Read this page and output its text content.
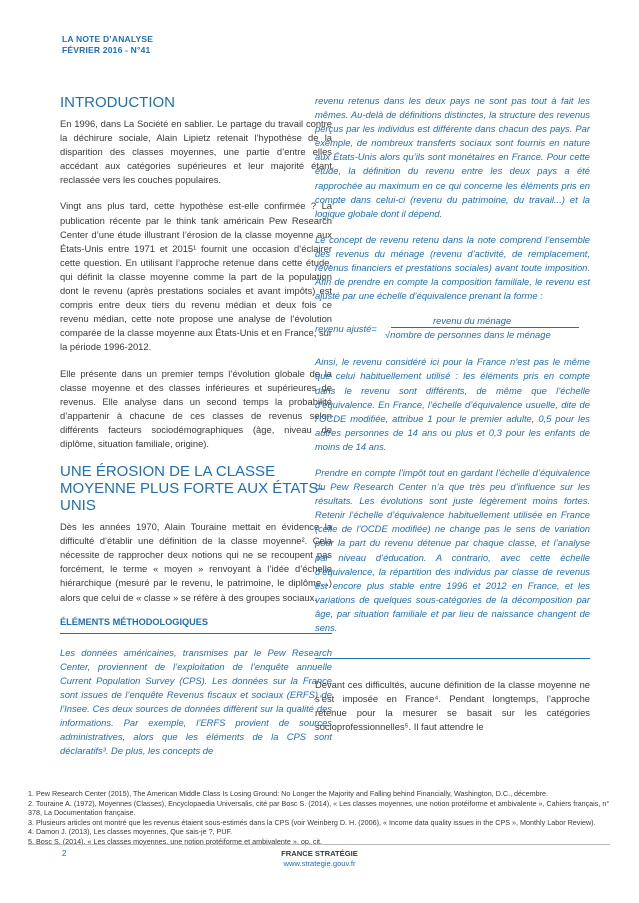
LA NOTE D’ANALYSE
FÉVRIER 2016 - N°41
INTRODUCTION

En 1996, dans La Société en sablier. Le partage du travail contre la déchirure sociale, Alain Lipietz retenait l’hypothèse de la disparition des classes moyennes, une partie d’entre elles accédant aux catégories supérieures et leur majorité étant reclassée vers les couches populaires.

Vingt ans plus tard, cette hypothèse est-elle confirmée ? La publication récente par le think tank américain Pew Research Center d’une étude illustrant l’érosion de la classe moyenne aux États-Unis entre 1971 et 2015¹ fournit une occasion d’éclairer cette question. En utilisant l’approche retenue dans cette étude, qui définit la classe moyenne comme la part de la population dont le revenu (après prestations sociales et avant impôts) est compris entre deux tiers du revenu médian et deux fois ce revenu médian, cette note propose une analyse de l’évolution comparée de la classe moyenne aux États-Unis et en France, sur la période 1996-2012.

Elle présente dans un premier temps l’évolution globale de la classe moyenne et des classes inférieures et supérieures de revenus. Elle analyse dans un second temps la probabilité d’appartenir à chacune de ces classes de revenus selon différents facteurs sociodémographiques (âge, niveau de diplôme, situation familiale, origine).

UNE ÉROSION DE LA CLASSE MOYENNE PLUS FORTE AUX ÉTATS-UNIS

Dès les années 1970, Alain Touraine mettait en évidence la difficulté d’établir une définition de la classe moyenne². Cela nécessite de rapprocher deux notions qui ne se recoupent pas forcément, le terme « moyen » renvoyant à l’idée d’échelle hiérarchique (mesuré par le revenu, le patrimoine, le diplôme...) alors que celui de « classe » se réfère à des groupes sociaux.

ÉLÉMENTS MÉTHODOLOGIQUES

Les données américaines, transmises par le Pew Research Center, proviennent de l’exploitation de l’enquête annuelle Current Population Survey (CPS). Les données sur la France sont issues de l’enquête Revenus fiscaux et sociaux (ERFS) de l’Insee. Ces deux sources de données diffèrent sur la qualité des informations. Par exemple, l’ERFS provient de sources administratives, alors que les éléments de la CPS sont déclaratifs³. De plus, les concepts de

revenu retenus dans les deux pays ne sont pas tout à fait les mêmes. Au-delà de définitions distinctes, la structure des revenus perçus par les individus est différente dans chacun des pays. Par exemple, de nombreux transferts sociaux sont fournis en nature aux États-Unis alors qu’ils sont monétaires en France. Pour cette étude, la définition du revenu entre les deux pays a été rapprochée au maximum en ce qui concerne les éléments pris en compte dans celui-ci (revenu du patrimoine, du travail...) et la logique globale dont il dépend.

Le concept de revenu retenu dans la note comprend l’ensemble des revenus du ménage (revenu d’activité, de remplacement, revenus financiers et prestations sociales) avant toute imposition. Afin de prendre en compte la composition familiale, le revenu est ajusté par une échelle d’équivalence prenant la forme :

revenu ajusté=
revenu du ménage
√nombre de personnes dans le ménage

Ainsi, le revenu considéré ici pour la France n’est pas le même que celui habituellement utilisé : les éléments pris en compte dans le revenu sont différents, de même que l’échelle d’équivalence. En France, l’échelle d’équivalence usuelle, dite de l’OCDE modifiée, attribue 1 pour le premier adulte, 0,5 pour les autres personnes de 14 ans ou plus et 0,3 pour les enfants de moins de 14 ans.

Prendre en compte l’impôt tout en gardant l’échelle d’équivalence du Pew Research Center n’a que très peu d’influence sur les résultats. Les évolutions sont juste légèrement moins fortes. Retenir l’échelle d’équivalence habituellement utilisée en France (celle de l’OCDE modifiée) ne change pas le sens de variation pour la part du revenu détenue par chaque classe, et l’analyse par niveau d’éducation. A contrario, avec cette échelle d’équivalence, la répartition des individus par classe de revenus est encore plus stable entre 1996 et 2012 en France, et les variations de quelques sous-catégories de la décomposition par âge, par situation familiale et par lieu de naissance changent de sens.

Devant ces difficultés, aucune définition de la classe moyenne ne s’est imposée en France⁴. Pendant longtemps, l’approche retenue pour la mesurer se basait sur les catégories socioprofessionnelles⁵. Il faut attendre le

1. Pew Research Center (2015), The American Middle Class Is Losing Ground: No Longer the Majority and Falling behind Financially, Washington, D.C., décembre.
2. Touraine A. (1972), Moyennes (Classes), Encyclopaedia Universalis, cité par Bosc S. (2014), « Les classes moyennes, une notion protéiforme et ambivalente », Cahiers français, n° 378, La Documentation française.
3. Plusieurs articles ont montré que les revenus étaient sous-estimés dans la CPS (voir Weinberg D. H. (2006), « Income data quality issues in the CPS », Monthly Labor Review).
4. Damon J. (2013), Les classes moyennes, Que sais-je ?, PUF.
5. Bosc S. (2014), « Les classes moyennes, une notion protéiforme et ambivalente », op. cit.
2	FRANCE STRATÉGIE
www.strategie.gouv.fr
